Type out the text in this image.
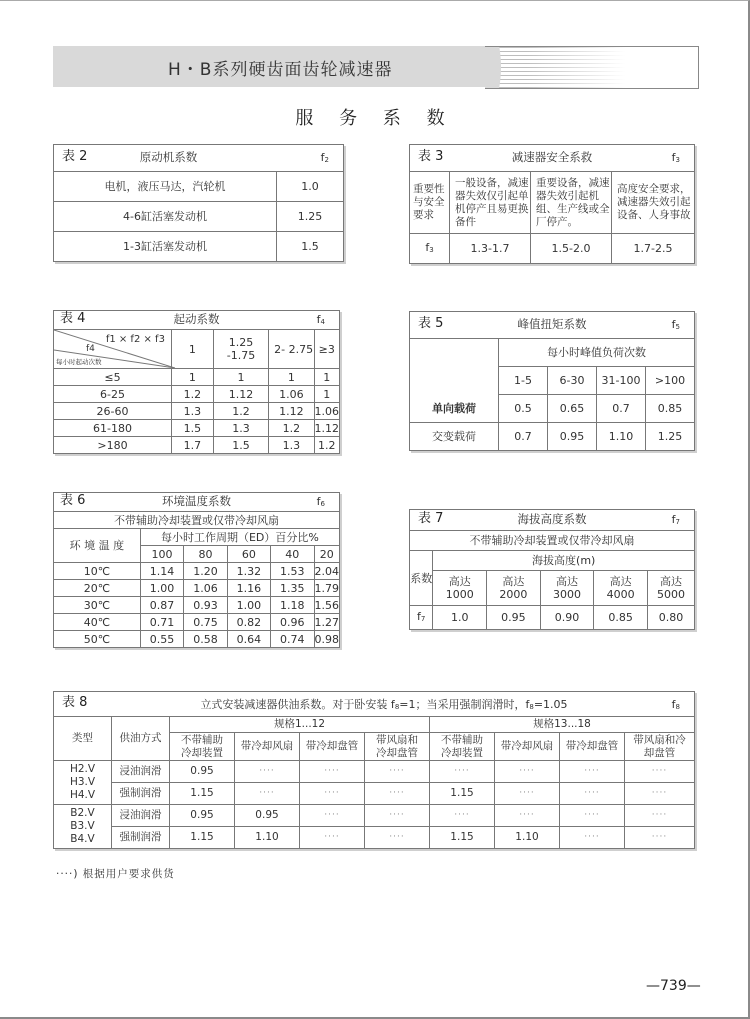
H・B系列硬齿面齿轮减速器
服 务 系 数
表 2 原动机系数 $f_2$

电机，液压马达，汽轮机	1.0
4-6缸活塞发动机	1.25
1-3缸活塞发动机	1.5
表 3 减速器安全系救 $f_3$

重要性与安全要求	一般设备，减速器失效仅引起单机停产且易更换备件	重要设备，减速器失效引起机组、生产线或全厂停产。	高度安全要求，减速器失效引起设备、人身事故
$f_3$	1.3-1.7	1.5-2.0	1.7-2.5
表 4 起动系数 $f_4$

f1 × f2 × f3
f4
每小时起动次数	1	1.25 -1.75	2- 2.75	≥3
≤5	1	1	1	1
6-25	1.2	1.12	1.06	1
26-60	1.3	1.2	1.12	1.06
61-180	1.5	1.3	1.2	1.12
>180	1.7	1.5	1.3	1.2
表 5 峰值扭矩系数 $f_5$

	每小时峰值负荷次数			
	1-5	6-30	31-100	>100
单向载荷	0.5	0.65	0.7	0.85
交变载荷	0.7	0.95	1.10	1.25
表 6 环境温度系数 $f_6$

不带辅助冷却装置或仅带冷却风扇					
环 境 温 度	每小时工作周期（ED）百分比%				
	100	80	60	40	20
10℃	1.14	1.20	1.32	1.53	2.04
20℃	1.00	1.06	1.16	1.35	1.79
30℃	0.87	0.93	1.00	1.18	1.56
40℃	0.71	0.75	0.82	0.96	1.27
50℃	0.55	0.58	0.64	0.74	0.98
表 7 海拔高度系数 $f_7$

不带辅助冷却装置或仅带冷却风扇					
系数	海拔高度(m)				
	高达 1000	高达 2000	高达 3000	高达 4000	高达 5000
$f_7$	1.0	0.95	0.90	0.85	0.80
表 8 立式安装减速器供油系数。对于卧安装 $f_8=1$；当采用强制润滑时，$f_8=1.05$ $f_8$

类型	供油方式	规格1...12				规格13...18			
		不带辅助冷却装置	带冷却风扇	带冷却盘管	带风扇和冷却盘管	不带辅助冷却装置	带冷却风扇	带冷却盘管	带风扇和冷却盘管
H2.V H3.V H4.V	浸油润滑	0.95	····	····	····	····	····	····	····
	强制润滑	1.15	····	····	····	1.15	····	····	····
B2.V B3.V B4.V	浸油润滑	0.95	0.95	····	····	····	····	····	····
	强制润滑	1.15	1.10	····	····	1.15	1.10	····	····
····) 根据用户要求供货
—739—
